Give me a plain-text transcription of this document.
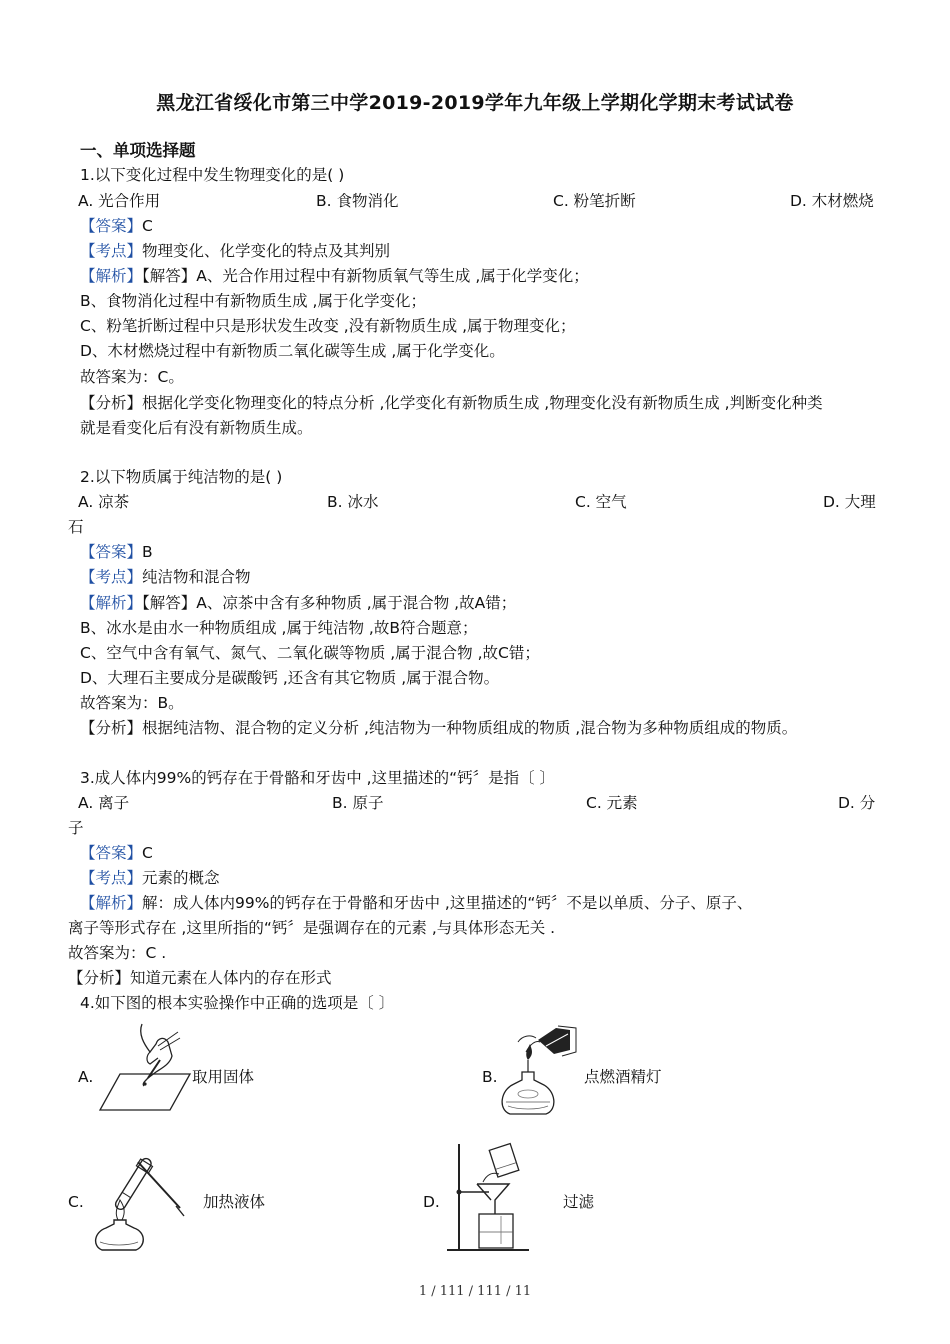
黑龙江省绥化市第三中学2019-2019学年九年级上学期化学期末考试试卷
一、单项选择题
1.以下变化过程中发生物理变化的是( )
A. 光合作用	B. 食物消化	C. 粉笔折断	D. 木材燃烧
【答案】C
【考点】物理变化、化学变化的特点及其判别
【解析】【解答】A、光合作用过程中有新物质氧气等生成 ,属于化学变化；
B、食物消化过程中有新物质生成 ,属于化学变化；
C、粉笔折断过程中只是形状发生改变 ,没有新物质生成 ,属于物理变化；
D、木材燃烧过程中有新物质二氧化碳等生成 ,属于化学变化。
故答案为：C。
【分析】根据化学变化物理变化的特点分析 ,化学变化有新物质生成 ,物理变化没有新物质生成 ,判断变化种类
就是看变化后有没有新物质生成。
2.以下物质属于纯洁物的是( )
A. 凉茶	B. 冰水	C. 空气	D. 大理
石
【答案】B
【考点】纯洁物和混合物
【解析】【解答】A、凉茶中含有多种物质 ,属于混合物 ,故A错；
B、冰水是由水一种物质组成 ,属于纯洁物 ,故B符合题意；
C、空气中含有氧气、氮气、二氧化碳等物质 ,属于混合物 ,故C错；
D、大理石主要成分是碳酸钙 ,还含有其它物质 ,属于混合物。
故答案为：B。
【分析】根据纯洁物、混合物的定义分析 ,纯洁物为一种物质组成的物质 ,混合物为多种物质组成的物质。
3.成人体内99%的钙存在于骨骼和牙齿中 ,这里描述的“钙〞是指〔 〕
A. 离子	B. 原子	C. 元素	D. 分
子
【答案】C
【考点】元素的概念
【解析】解：成人体内99%的钙存在于骨骼和牙齿中 ,这里描述的“钙〞不是以单质、分子、原子、
离子等形式存在 ,这里所指的“钙〞是强调存在的元素 ,与具体形态无关 .
故答案为：C .
【分析】知道元素在人体内的存在形式
4.如下图的根本实验操作中正确的选项是〔 〕
A.	取用固体	B.	点燃酒精灯
C.	加热液体	D.	过滤
1 / 111 / 111 / 11
